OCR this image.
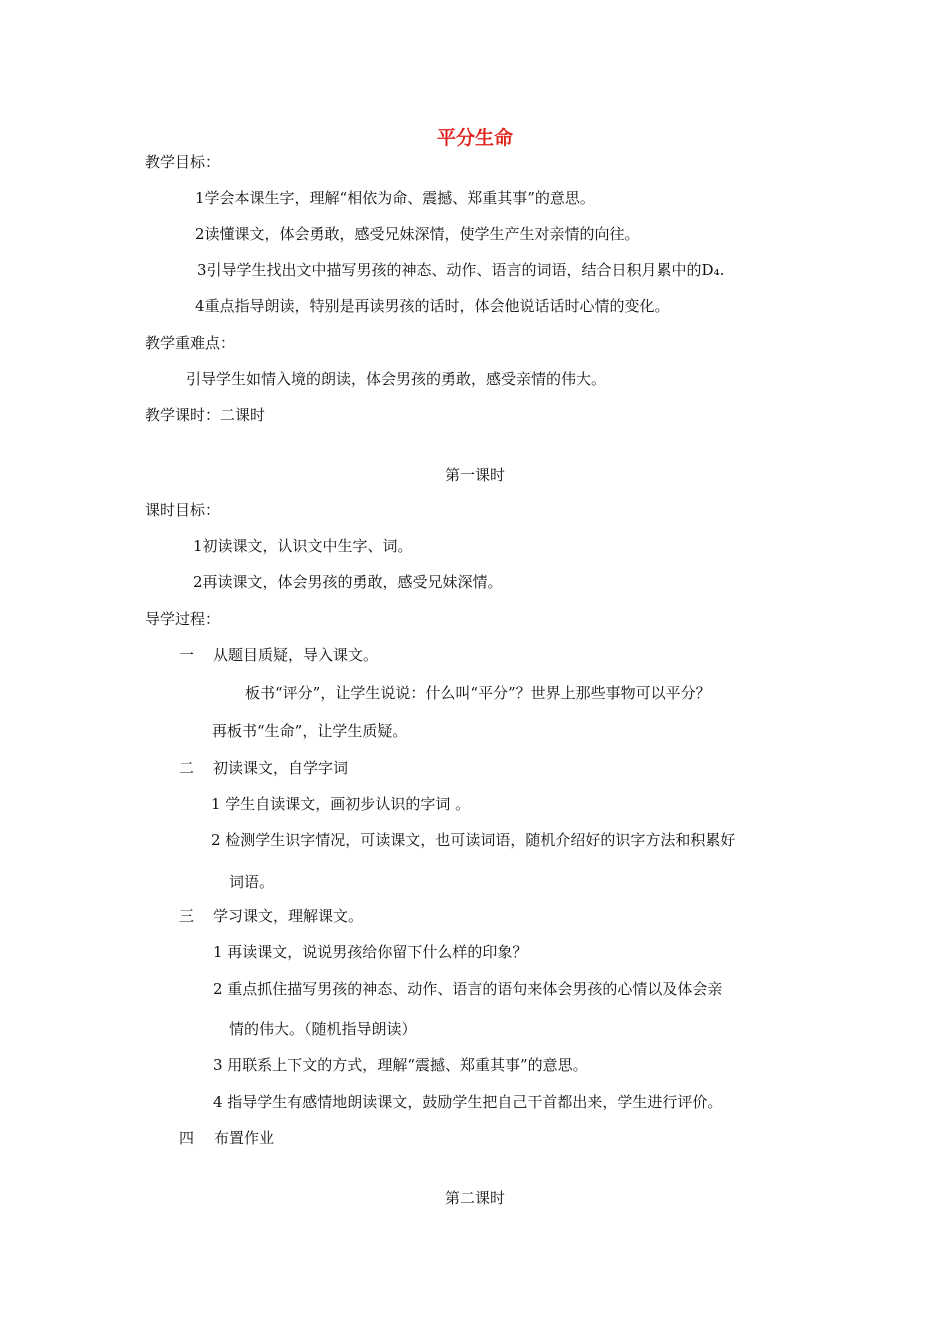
平分生命
教学目标：
1学会本课生字，理解“相依为命、震撼、郑重其事”的意思。
2读懂课文，体会勇敢，感受兄妹深情，使学生产生对亲情的向往。
3引导学生找出文中描写男孩的神态、动作、语言的词语，结合日积月累中的D₄.
4重点指导朗读，特别是再读男孩的话时，体会他说话话时心情的变化。
教学重难点：
引导学生如情入境的朗读，体会男孩的勇敢，感受亲情的伟大。
教学课时：二课时
第一课时
课时目标：
1初读课文，认识文中生字、词。
2再读课文，体会男孩的勇敢，感受兄妹深情。
导学过程：
一 从题目质疑，导入课文。
板书“评分”，让学生说说：什么叫“平分”？世界上那些事物可以平分？
再板书“生命”，让学生质疑。
二 初读课文，自学字词
1 学生自读课文，画初步认识的字词 。
2 检测学生识字情况，可读课文，也可读词语，随机介绍好的识字方法和积累好
词语。
三 学习课文，理解课文。
1 再读课文，说说男孩给你留下什么样的印象？
2 重点抓住描写男孩的神态、动作、语言的语句来体会男孩的心情以及体会亲
情的伟大。（随机指导朗读）
3 用联系上下文的方式，理解“震撼、郑重其事”的意思。
4 指导学生有感情地朗读课文，鼓励学生把自己干首都出来，学生进行评价。
四 布置作业
第二课时
